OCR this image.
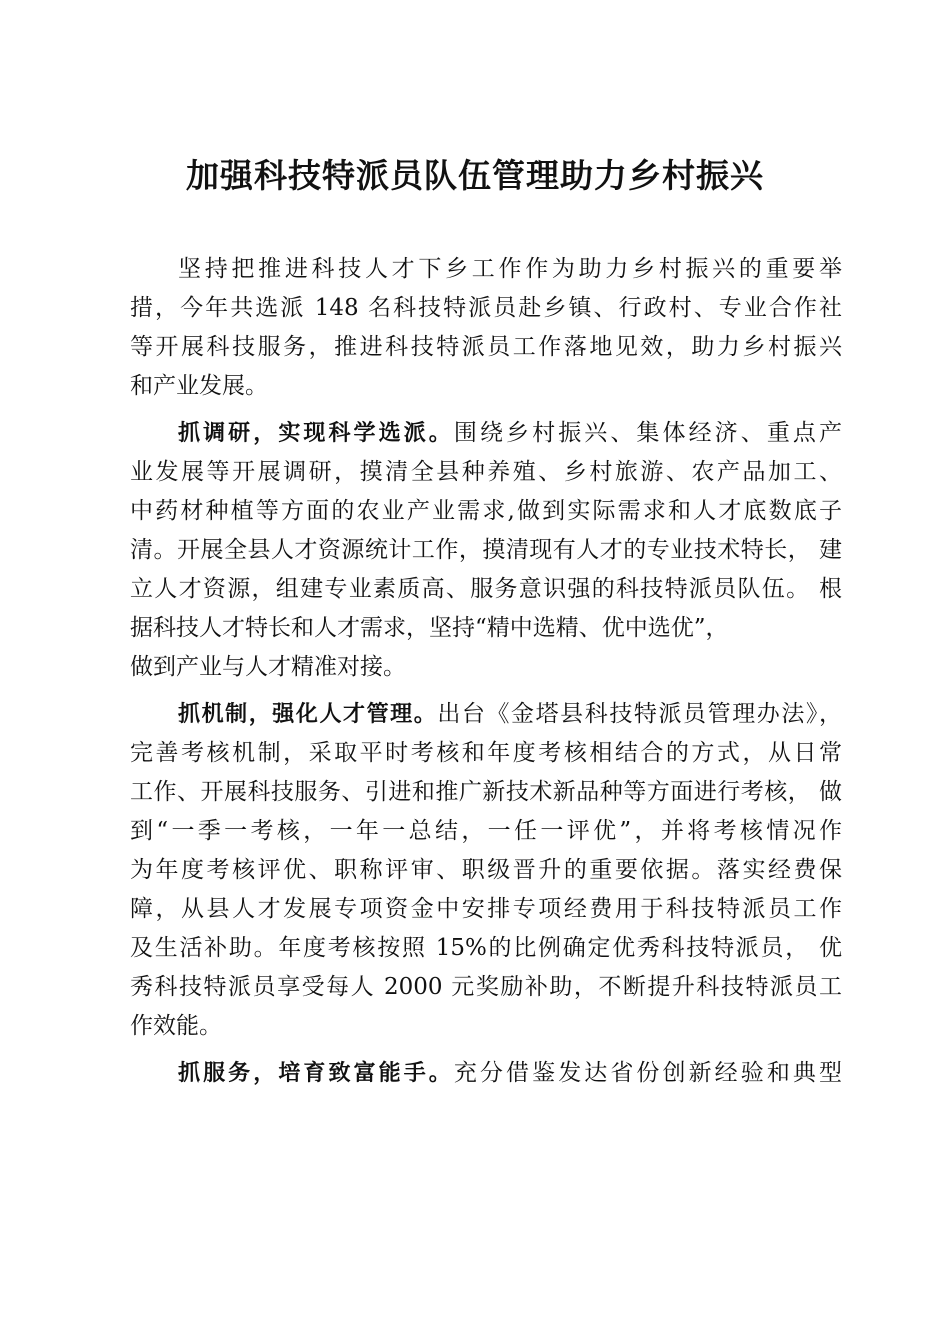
加强科技特派员队伍管理助力乡村振兴
坚持把推进科技人才下乡工作作为助力乡村振兴的重要举
措，今年共选派 148 名科技特派员赴乡镇、行政村、专业合作社
等开展科技服务，推进科技特派员工作落地见效，助力乡村振兴
和产业发展。
抓调研，实现科学选派。围绕乡村振兴、集体经济、重点产
业发展等开展调研，摸清全县种养殖、乡村旅游、农产品加工、
中药材种植等方面的农业产业需求,做到实际需求和人才底数底子
清。开展全县人才资源统计工作，摸清现有人才的专业技术特长， 建
立人才资源，组建专业素质高、服务意识强的科技特派员队伍。 根
据科技人才特长和人才需求，坚持“精中选精、优中选优”，
做到产业与人才精准对接。
抓机制，强化人才管理。出台《金塔县科技特派员管理办法》，
完善考核机制，采取平时考核和年度考核相结合的方式，从日常
工作、开展科技服务、引进和推广新技术新品种等方面进行考核， 做
到“一季一考核，一年一总结，一任一评优”，并将考核情况作
为年度考核评优、职称评审、职级晋升的重要依据。落实经费保
障，从县人才发展专项资金中安排专项经费用于科技特派员工作
及生活补助。年度考核按照 15%的比例确定优秀科技特派员， 优
秀科技特派员享受每人 2000 元奖励补助，不断提升科技特派员工
作效能。
抓服务，培育致富能手。充分借鉴发达省份创新经验和典型
